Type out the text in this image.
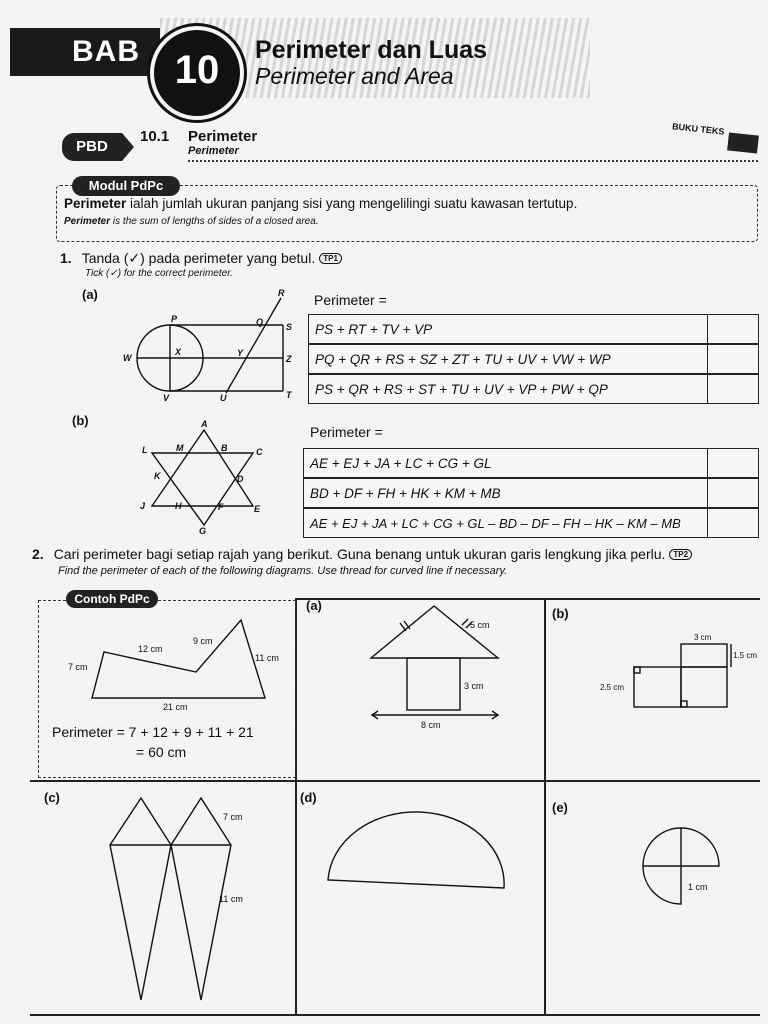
BAB 10	Perimeter dan Luas
Perimeter and Area
PBD
10.1 Perimeter
Perimeter
BUKU TEKS
Modul PdPc
Perimeter ialah jumlah ukuran panjang sisi yang mengelilingi suatu kawasan tertutup.
Perimeter is the sum of lengths of sides of a closed area.
1. Tanda (✓) pada perimeter yang betul. TP1
Tick (✓) for the correct perimeter.
(a)
P	Q
R
S
W
X	Y
Z
V	U	T
Perimeter =
PS + RT + TV + VP
PQ + QR + RS + SZ + ZT + TU + UV + VW + WP
PS + QR + RS + ST + TU + UV + VP + PW + QP
(b)	A
L	M	B	C
K	D
J	H	F	E
G
Perimeter =
AE + EJ + JA + LC + CG + GL
BD + DF + FH + HK + KM + MB
AE + EJ + JA + LC + CG + GL – BD – DF – FH – HK – KM – MB
2. Cari perimeter bagi setiap rajah yang berikut. Guna benang untuk ukuran garis lengkung jika perlu. TP2
Find the perimeter of each of the following diagrams. Use thread for curved line if necessary.
Contoh PdPc
12 cm
9 cm
7 cm
11 cm
21 cm
Perimeter = 7 + 12 + 9 + 11 + 21
= 60 cm
(a)
5 cm
3 cm
8 cm
(b)
3 cm
1.5 cm
2.5 cm
(c)
7 cm
11 cm
(d)
(e)
1 cm
